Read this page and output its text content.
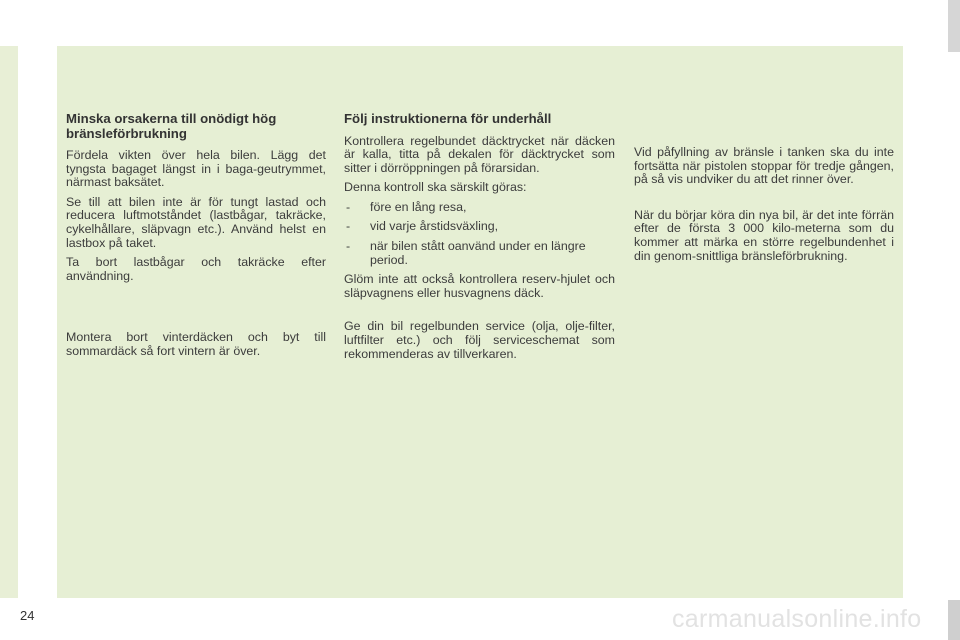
Minska orsakerna till onödigt hög bränsleförbrukning

Fördela vikten över hela bilen. Lägg det tyngsta bagaget längst in i baga-geutrymmet, närmast baksätet.

Se till att bilen inte är för tungt lastad och reducera luftmotståndet (lastbågar, takräcke, cykelhållare, släpvagn etc.). Använd helst en lastbox på taket.

Ta bort lastbågar och takräcke efter användning.

Montera bort vinterdäcken och byt till sommardäck så fort vintern är över.

Följ instruktionerna för underhåll

Kontrollera regelbundet däcktrycket när däcken är kalla, titta på dekalen för däcktrycket som sitter i dörröppningen på förarsidan.

Denna kontroll ska särskilt göras:

- före en lång resa,
- vid varje årstidsväxling,
- när bilen stått oanvänd under en längre period.

Glöm inte att också kontrollera reserv-hjulet och släpvagnens eller husvagnens däck.

Ge din bil regelbunden service (olja, olje-filter, luftfilter etc.) och följ serviceschemat som rekommenderas av tillverkaren.

Vid påfyllning av bränsle i tanken ska du inte fortsätta när pistolen stoppar för tredje gången, på så vis undviker du att det rinner över.

När du börjar köra din nya bil, är det inte förrän efter de första 3 000 kilo-meterna som du kommer att märka en större regelbundenhet i din genom-snittliga bränsleförbrukning.

24	carmanualsonline.info
